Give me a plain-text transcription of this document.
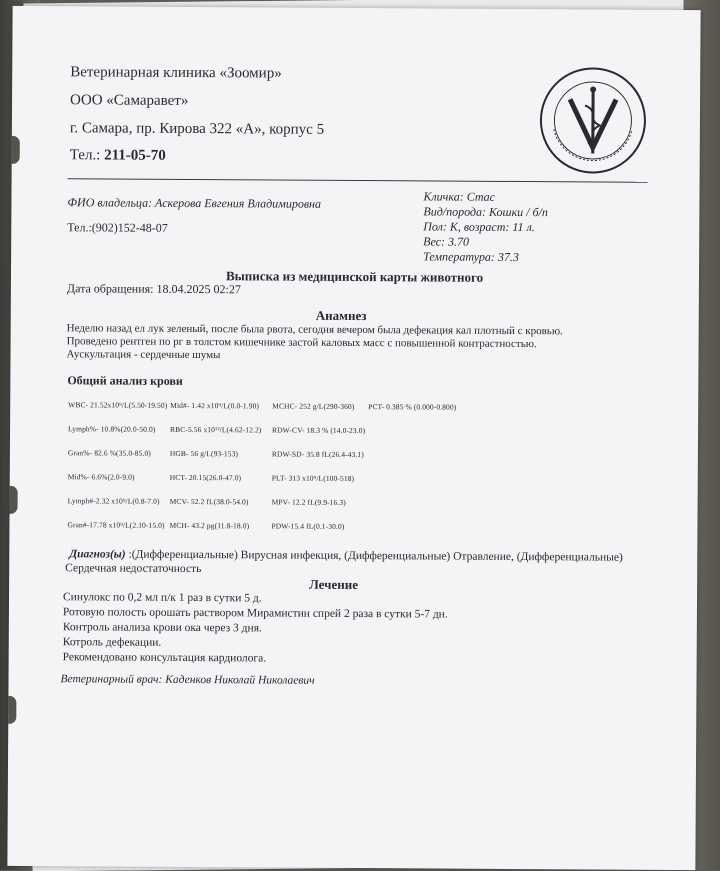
Ветеринарная клиника «Зоомир»
ООО «Самаравет»
г. Самара, пр. Кирова 322 «А», корпус 5
Тел.: 211-05-70
ФИО владельца: Аскерова Евгения Владимировна
Тел.:(902)152-48-07
Кличка: Стас
Вид/порода: Кошки / б/п
Пол: К, возраст: 11 л.
Вес: 3.70
Температура: 37.3
Выписка из медицинской карты животного
Дата обращения: 18.04.2025 02:27
Анамнез
Неделю назад ел лук зеленый, после была рвота, сегодня вечером была дефекация кал плотный с кровью.
Проведено рентген по рг в толстом кишечнике застой каловых масс с повышенной контрастностью.
Аускультация - сердечные шумы
Общий анализ крови
WBC- 21.52х10⁹/L(5.50-19.50) Mid#- 1.42 х10⁹/L(0.0-1.90) MCHC- 252 g/L(290-360) PCT- 0.385 % (0.000-0.800)
Lymph%- 10.8%(20.0-50.0) RBC-5.56 х10¹²/L(4.62-12.2) RDW-CV- 18.3 % (14.0-23.0)
Gran%- 82.6 %(35.0-85.0)	HGB- 56 g/L(93-153)	RDW-SD- 35.8 fL(26.4-43.1)
Mid%- 6.6%(2.0-9.0)	HCT- 20.15(26.0-47.0)	PLT- 313 х10⁹/L(100-518)
Lymph#-2.32 х10⁹/L(0.8-7.0) MCV- 52.2 fL(38.0-54.0)	MPV- 12.2 fL(9.9-16.3)
Gran#-17.78 х10⁹/L(2.10-15.0) MCH- 43.2 pg(11.8-18.0)	PDW-15.4 fL(0.1-30.0)
Диагноз(ы) :(Дифференциальные) Вирусная инфекция, (Дифференциальные) Отравление, (Дифференциальные)
Сердечная недостаточность
Лечение
Синулокс по 0,2 мл п/к 1 раз в сутки 5 д.
Ротовую полость орошать раствором Мирамистин спрей 2 раза в сутки 5-7 дн.
Контроль анализа крови ока через 3 дня.
Котроль дефекации.
Рекомендовано консультация кардиолога.
Ветеринарный врач: Каденков Николай Николаевич
